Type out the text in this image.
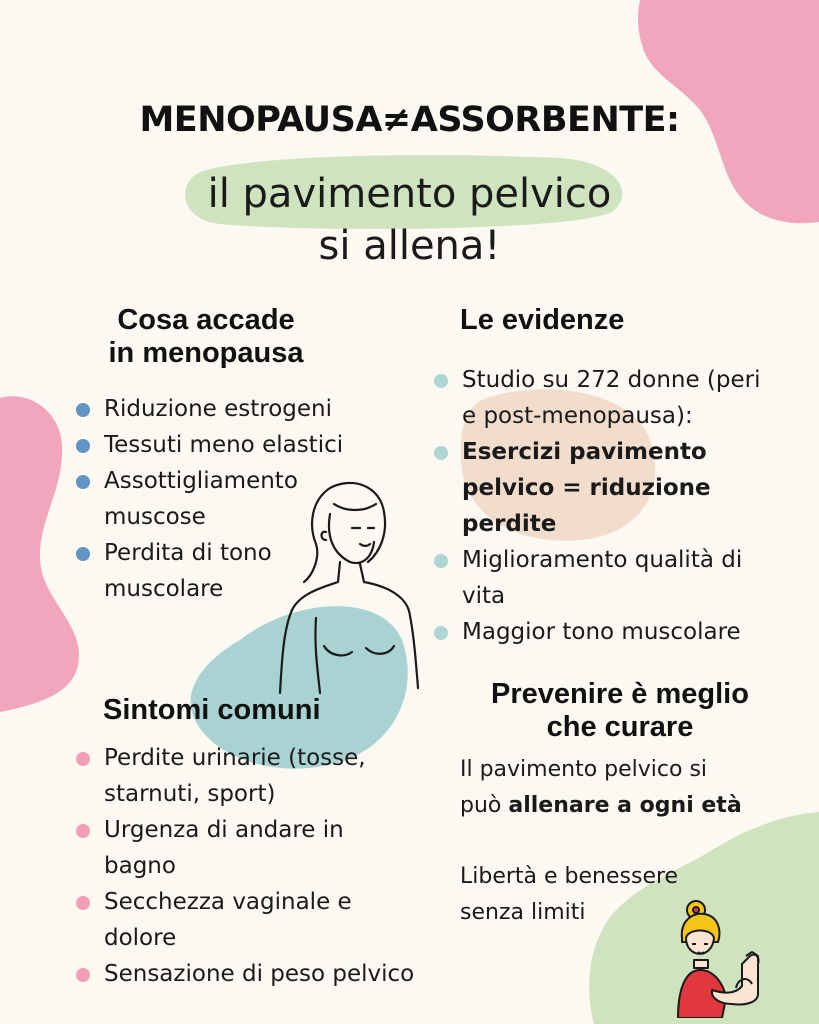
MENOPAUSA≠ASSORBENTE:
il pavimento pelvico
si allena!
Cosa accade
in menopausa
Riduzione estrogeni
Tessuti meno elastici
Assottigliamento
muscose
Perdita di tono
muscolare
Le evidenze
Studio su 272 donne (peri
e post-menopausa):
Esercizi pavimento
pelvico = riduzione
perdite
Miglioramento qualità di
vita
Maggior tono muscolare
Sintomi comuni
Perdite urinarie (tosse,
starnuti, sport)
Urgenza di andare in
bagno
Secchezza vaginale e
dolore
Sensazione di peso pelvico
Prevenire è meglio
che curare
Il pavimento pelvico si
può allenare a ogni età
Libertà e benessere
senza limiti
